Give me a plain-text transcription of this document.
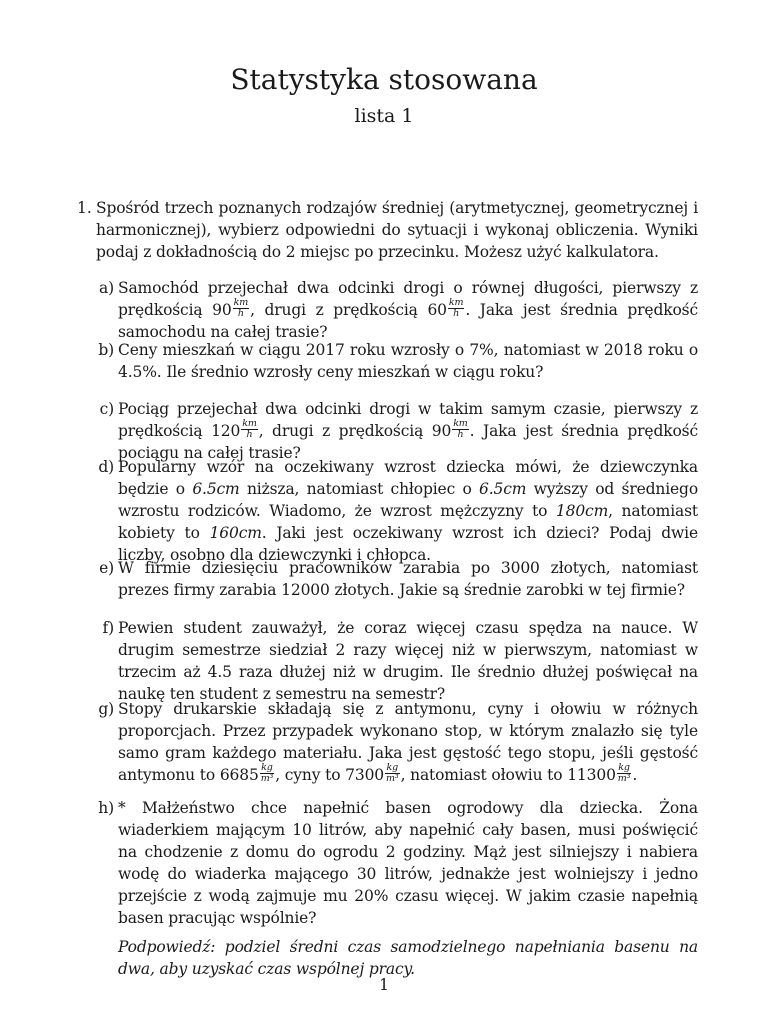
Statystyka stosowana
lista 1
1. Spośród trzech poznanych rodzajów średniej (arytmetycznej, geometrycznej i harmonicznej), wybierz odpowiedni do sytuacji i wykonaj obliczenia. Wyniki podaj z dokładnością do 2 miejsc po przecinku. Możesz użyć kalkulatora.
a) Samochód przejechał dwa odcinki drogi o równej długości, pierwszy z prędkością $90 \frac{km}{h}$ , drugi z prędkością $60 \frac{km}{h}$ . Jaka jest średnia prędkość samochodu na całej trasie?
b) Ceny mieszkań w ciągu 2017 roku wzrosły o 7%, natomiast w 2018 roku o 4.5%. Ile średnio wzrosły ceny mieszkań w ciągu roku?
c) Pociąg przejechał dwa odcinki drogi w takim samym czasie, pierwszy z prędkością $120 \frac{km}{h}$ , drugi z prędkością $90 \frac{km}{h}$ . Jaka jest średnia prędkość pociągu na całej trasie?
d) Popularny wzór na oczekiwany wzrost dziecka mówi, że dziewczynka będzie o 6.5cm niższa, natomiast chłopiec o 6.5cm wyższy od średniego wzrostu rodziców. Wiadomo, że wzrost mężczyzny to 180cm, natomiast kobiety to 160cm. Jaki jest oczekiwany wzrost ich dzieci? Podaj dwie liczby, osobno dla dziewczynki i chłopca.
e) W firmie dziesięciu pracowników zarabia po 3000 złotych, natomiast prezes firmy zarabia 12000 złotych. Jakie są średnie zarobki w tej firmie?
f) Pewien student zauważył, że coraz więcej czasu spędza na nauce. W drugim semestrze siedział 2 razy więcej niż w pierwszym, natomiast w trzecim aż 4.5 raza dłużej niż w drugim. Ile średnio dłużej poświęcał na naukę ten student z semestru na semestr?
g) Stopy drukarskie składają się z antymonu, cyny i ołowiu w różnych proporcjach. Przez przypadek wykonano stop, w którym znalazło się tyle samo gram każdego materiału. Jaka jest gęstość tego stopu, jeśli gęstość antymonu to $6685 \frac{kg}{\text{m³}}$ , cyny to $7300 \frac{kg}{\text{m³}}$ , natomiast ołowiu to $11300 \frac{kg}{\text{m³}}$ .
h) * Małżeństwo chce napełnić basen ogrodowy dla dziecka. Żona wiaderkiem mającym 10 litrów, aby napełnić cały basen, musi poświęcić na chodzenie z domu do ogrodu 2 godziny. Mąż jest silniejszy i nabiera wodę do wiaderka mającego 30 litrów, jednakże jest wolniejszy i jedno przejście z wodą zajmuje mu 20% czasu więcej. W jakim czasie napełnią basen pracując wspólnie?
Podpowiedź: podziel średni czas samodzielnego napełniania basenu na dwa, aby uzyskać czas wspólnej pracy.
1
